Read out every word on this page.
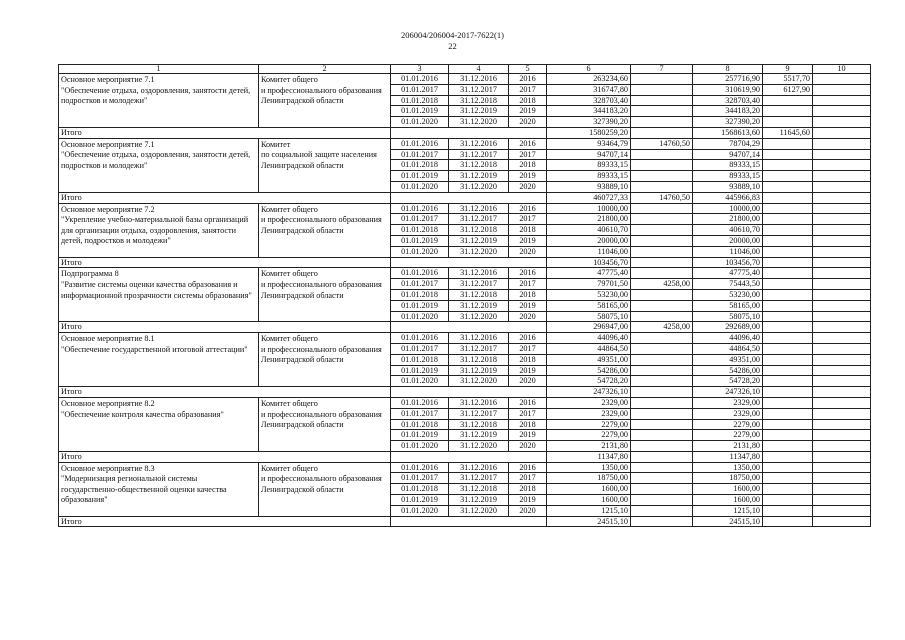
206004/206004-2017-7622(1)
22
1	2	3	4	5	6	7	8	9	10
Основное мероприятие 7.1
"Обеспечение отдыха, оздоровления, занятости детей, подростков и молодежи"	Комитет общего
и профессионального образования Ленинградской области	01.01.2016	31.12.2016	2016	263234,60		257716,90	5517,70	
		01.01.2017	31.12.2017	2017	316747,80		310619,90	6127,90	
		01.01.2018	31.12.2018	2018	328703,40		328703,40		
		01.01.2019	31.12.2019	2019	344183,20		344183,20		
		01.01.2020	31.12.2020	2020	327390,20		327390,20		
Итого					1580259,20		1568613,60	11645,60	
Основное мероприятие 7.1
"Обеспечение отдыха, оздоровления, занятости детей, подростков и молодежи"	Комитет
по социальной защите населения
Ленинградской области	01.01.2016	31.12.2016	2016	93464,79	14760,50	78704,29		
		01.01.2017	31.12.2017	2017	94707,14		94707,14		
		01.01.2018	31.12.2018	2018	89333,15		89333,15		
		01.01.2019	31.12.2019	2019	89333,15		89333,15		
		01.01.2020	31.12.2020	2020	93889,10		93889,10		
Итого					460727,33	14760,50	445966,83		
Основное мероприятие 7.2
"Укрепление учебно-материальной базы организаций для организации отдыха, оздоровления, занятости детей, подростков и молодежи"	Комитет общего
и профессионального образования
Ленинградской области	01.01.2016	31.12.2016	2016	10000,00		10000,00		
		01.01.2017	31.12.2017	2017	21800,00		21800,00		
		01.01.2018	31.12.2018	2018	40610,70		40610,70		
		01.01.2019	31.12.2019	2019	20000,00		20000,00		
		01.01.2020	31.12.2020	2020	11046,00		11046,00		
Итого					103456,70		103456,70		
Подпрограмма 8
"Развитие системы оценки качества образования и информационной прозрачности системы образования"	Комитет общего
и профессионального образования
Ленинградской области	01.01.2016	31.12.2016	2016	47775,40		47775,40		
		01.01.2017	31.12.2017	2017	79701,50	4258,00	75443,50		
		01.01.2018	31.12.2018	2018	53230,00		53230,00		
		01.01.2019	31.12.2019	2019	58165,00		58165,00		
		01.01.2020	31.12.2020	2020	58075,10		58075,10		
Итого					296947,00	4258,00	292689,00		
Основное мероприятие 8.1
"Обеспечение государственной итоговой аттестации"	Комитет общего
и профессионального образования
Ленинградской области	01.01.2016	31.12.2016	2016	44096,40		44096,40		
		01.01.2017	31.12.2017	2017	44864,50		44864,50		
		01.01.2018	31.12.2018	2018	49351,00		49351,00		
		01.01.2019	31.12.2019	2019	54286,00		54286,00		
		01.01.2020	31.12.2020	2020	54728,20		54728,20		
Итого					247326,10		247326,10		
Основное мероприятие 8.2
"Обеспечение контроля качества образования"	Комитет общего
и профессионального образования Ленинградской области	01.01.2016	31.12.2016	2016	2329,00		2329,00		
		01.01.2017	31.12.2017	2017	2329,00		2329,00		
		01.01.2018	31.12.2018	2018	2279,00		2279,00		
		01.01.2019	31.12.2019	2019	2279,00		2279,00		
		01.01.2020	31.12.2020	2020	2131,80		2131,80		
Итого					11347,80		11347,80		
Основное мероприятие 8.3
"Модернизация региональной системы государственно-общественной оценки качества образования"	Комитет общего
и профессионального образования Ленинградской области	01.01.2016	31.12.2016	2016	1350,00		1350,00		
		01.01.2017	31.12.2017	2017	18750,00		18750,00		
		01.01.2018	31.12.2018	2018	1600,00		1600,00		
		01.01.2019	31.12.2019	2019	1600,00		1600,00		
		01.01.2020	31.12.2020	2020	1215,10		1215,10		
Итого					24515,10		24515,10		
